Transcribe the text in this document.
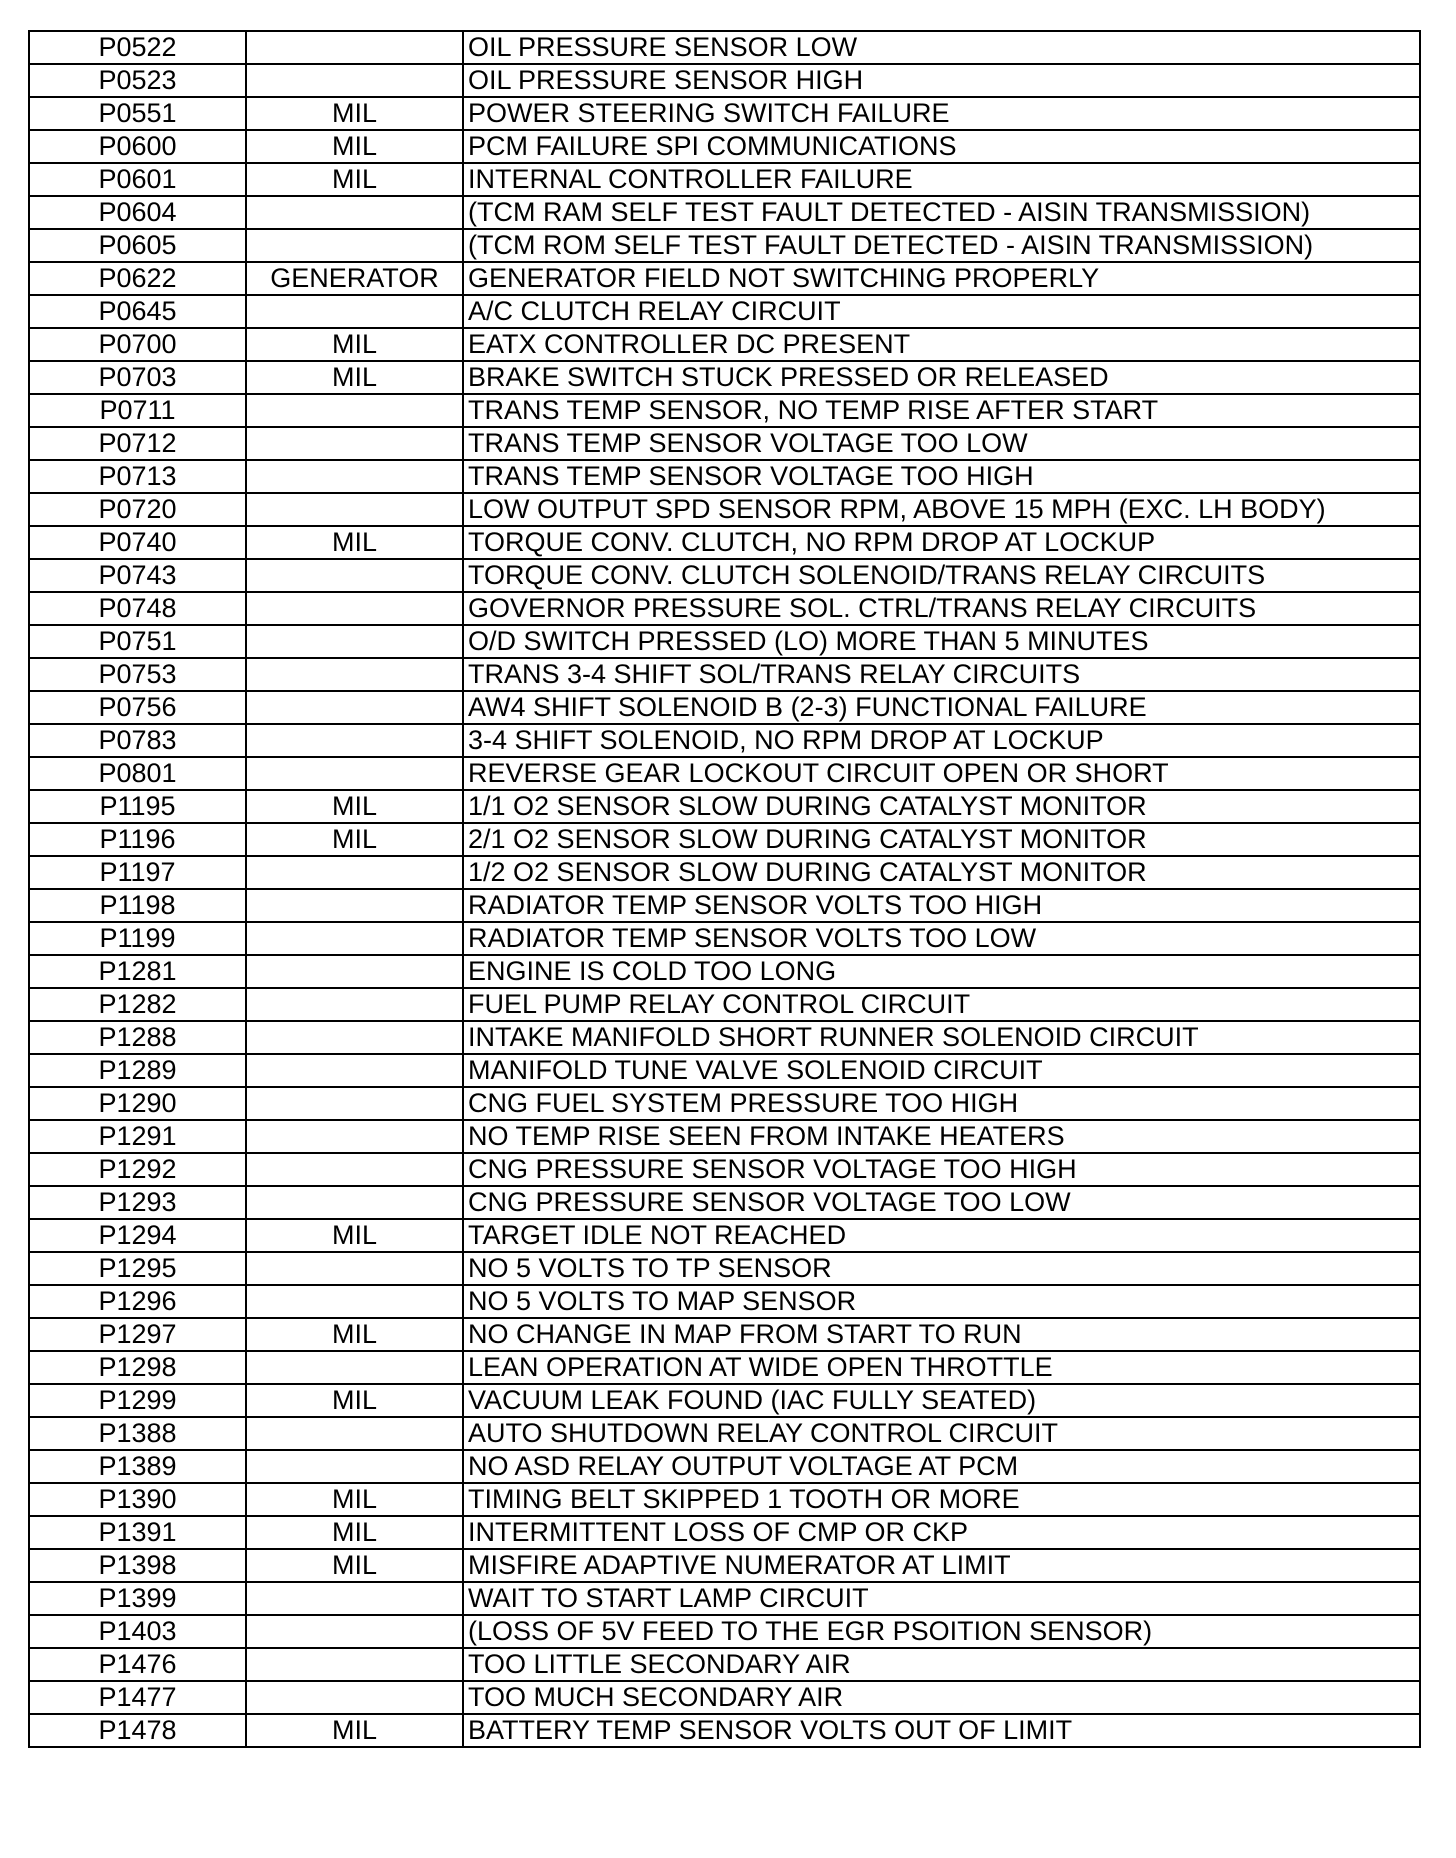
P0522		OIL PRESSURE SENSOR LOW
P0523		OIL PRESSURE SENSOR HIGH
P0551	MIL	POWER STEERING SWITCH FAILURE
P0600	MIL	PCM FAILURE SPI COMMUNICATIONS
P0601	MIL	INTERNAL CONTROLLER FAILURE
P0604		(TCM RAM SELF TEST FAULT DETECTED - AISIN TRANSMISSION)
P0605		(TCM ROM SELF TEST FAULT DETECTED - AISIN TRANSMISSION)
P0622	GENERATOR	GENERATOR FIELD NOT SWITCHING PROPERLY
P0645		A/C CLUTCH RELAY CIRCUIT
P0700	MIL	EATX CONTROLLER DC PRESENT
P0703	MIL	BRAKE SWITCH STUCK PRESSED OR RELEASED
P0711		TRANS TEMP SENSOR, NO TEMP RISE AFTER START
P0712		TRANS TEMP SENSOR VOLTAGE TOO LOW
P0713		TRANS TEMP SENSOR VOLTAGE TOO HIGH
P0720		LOW OUTPUT SPD SENSOR RPM, ABOVE 15 MPH (EXC. LH BODY)
P0740	MIL	TORQUE CONV. CLUTCH, NO RPM DROP AT LOCKUP
P0743		TORQUE CONV. CLUTCH SOLENOID/TRANS RELAY CIRCUITS
P0748		GOVERNOR PRESSURE SOL. CTRL/TRANS RELAY CIRCUITS
P0751		O/D SWITCH PRESSED (LO) MORE THAN 5 MINUTES
P0753		TRANS 3-4 SHIFT SOL/TRANS RELAY CIRCUITS
P0756		AW4 SHIFT SOLENOID B (2-3) FUNCTIONAL FAILURE
P0783		3-4 SHIFT SOLENOID, NO RPM DROP AT LOCKUP
P0801		REVERSE GEAR LOCKOUT CIRCUIT OPEN OR SHORT
P1195	MIL	1/1 O2 SENSOR SLOW DURING CATALYST MONITOR
P1196	MIL	2/1 O2 SENSOR SLOW DURING CATALYST MONITOR
P1197		1/2 O2 SENSOR SLOW DURING CATALYST MONITOR
P1198		RADIATOR TEMP SENSOR VOLTS TOO HIGH
P1199		RADIATOR TEMP SENSOR VOLTS TOO LOW
P1281		ENGINE IS COLD TOO LONG
P1282		FUEL PUMP RELAY CONTROL CIRCUIT
P1288		INTAKE MANIFOLD SHORT RUNNER SOLENOID CIRCUIT
P1289		MANIFOLD TUNE VALVE SOLENOID CIRCUIT
P1290		CNG FUEL SYSTEM PRESSURE TOO HIGH
P1291		NO TEMP RISE SEEN FROM INTAKE HEATERS
P1292		CNG PRESSURE SENSOR VOLTAGE TOO HIGH
P1293		CNG PRESSURE SENSOR VOLTAGE TOO LOW
P1294	MIL	TARGET IDLE NOT REACHED
P1295		NO 5 VOLTS TO TP SENSOR
P1296		NO 5 VOLTS TO MAP SENSOR
P1297	MIL	NO CHANGE IN MAP FROM START TO RUN
P1298		LEAN OPERATION AT WIDE OPEN THROTTLE
P1299	MIL	VACUUM LEAK FOUND (IAC FULLY SEATED)
P1388		AUTO SHUTDOWN RELAY CONTROL CIRCUIT
P1389		NO ASD RELAY OUTPUT VOLTAGE AT PCM
P1390	MIL	TIMING BELT SKIPPED 1 TOOTH OR MORE
P1391	MIL	INTERMITTENT LOSS OF CMP OR CKP
P1398	MIL	MISFIRE ADAPTIVE NUMERATOR AT LIMIT
P1399		WAIT TO START LAMP CIRCUIT
P1403		(LOSS OF 5V FEED TO THE EGR PSOITION SENSOR)
P1476		TOO LITTLE SECONDARY AIR
P1477		TOO MUCH SECONDARY AIR
P1478	MIL	BATTERY TEMP SENSOR VOLTS OUT OF LIMIT
